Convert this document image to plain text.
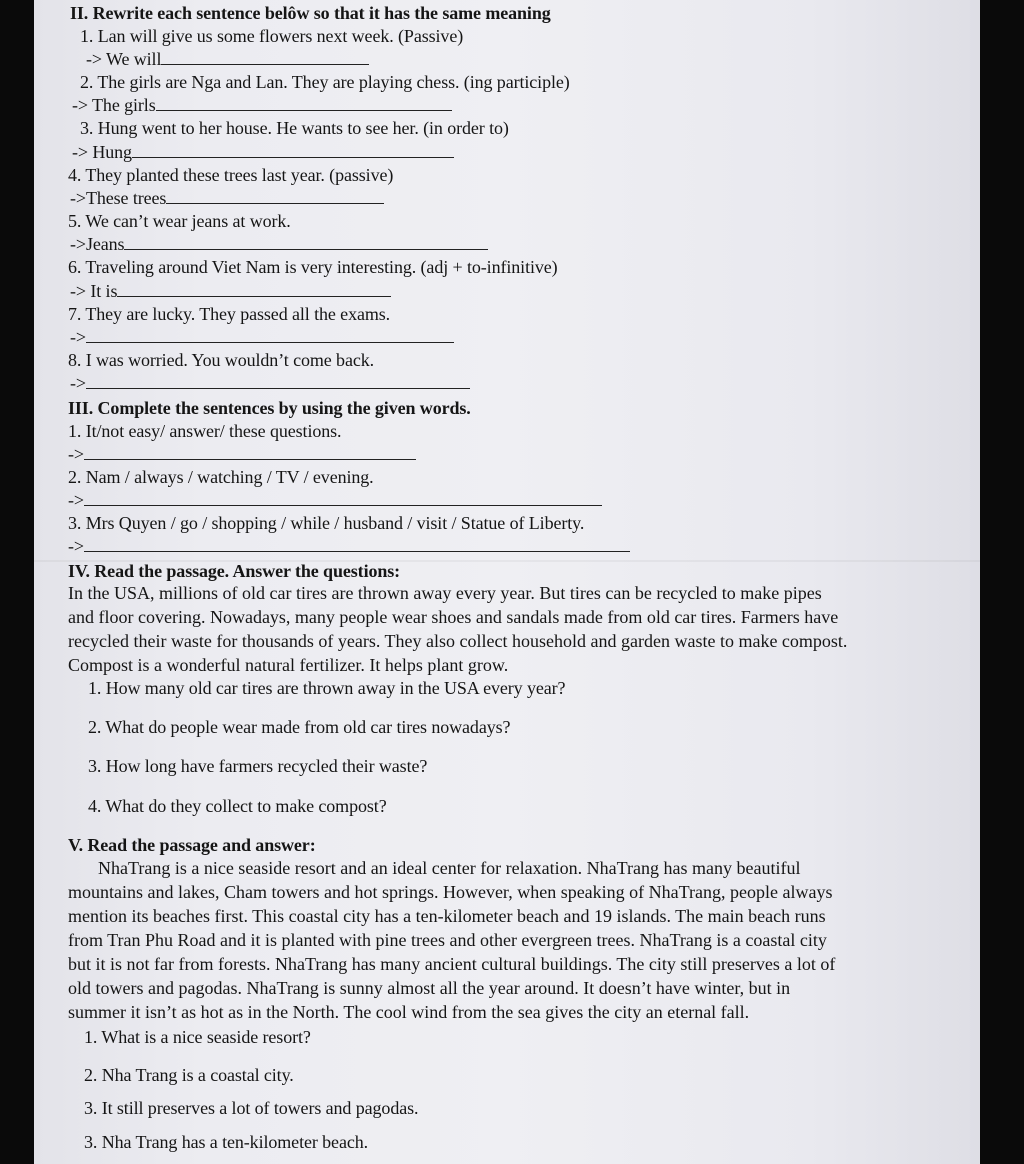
II. Rewrite each sentence belôw so that it has the same meaning
1. Lan will give us some flowers next week. (Passive)
-> We will
2. The girls are Nga and Lan. They are playing chess. (ing participle)
-> The girls
3. Hung went to her house. He wants to see her. (in order to)
-> Hung
4. They planted these trees last year. (passive)
->These trees
5. We can’t wear jeans at work.
->Jeans
6. Traveling around Viet Nam is very interesting. (adj + to-infinitive)
-> It is
7. They are lucky. They passed all the exams.
->
8. I was worried. You wouldn’t come back.
->
III. Complete the sentences by using the given words.
1. It/not easy/ answer/ these questions.
->
2. Nam / always / watching / TV / evening.
->
3. Mrs Quyen / go / shopping / while / husband / visit / Statue of Liberty.
->
IV. Read the passage. Answer the questions:
In the USA, millions of old car tires are thrown away every year. But tires can be recycled to make pipes
and floor covering. Nowadays, many people wear shoes and sandals made from old car tires. Farmers have
recycled their waste for thousands of years. They also collect household and garden waste to make compost.
Compost is a wonderful natural fertilizer. It helps plant grow.
1. How many old car tires are thrown away in the USA every year?
2. What do people wear made from old car tires nowadays?
3. How long have farmers recycled their waste?
4. What do they collect to make compost?
V. Read the passage and answer:
NhaTrang is a nice seaside resort and an ideal center for relaxation. NhaTrang has many beautiful
mountains and lakes, Cham towers and hot springs. However, when speaking of NhaTrang, people always
mention its beaches first. This coastal city has a ten-kilometer beach and 19 islands. The main beach runs
from Tran Phu Road and it is planted with pine trees and other evergreen trees. NhaTrang is a coastal city
but it is not far from forests. NhaTrang has many ancient cultural buildings. The city still preserves a lot of
old towers and pagodas. NhaTrang is sunny almost all the year around. It doesn’t have winter, but in
summer it isn’t as hot as in the North. The cool wind from the sea gives the city an eternal fall.
1. What is a nice seaside resort?
2. Nha Trang is a coastal city.
3. It still preserves a lot of towers and pagodas.
3. Nha Trang has a ten-kilometer beach.
